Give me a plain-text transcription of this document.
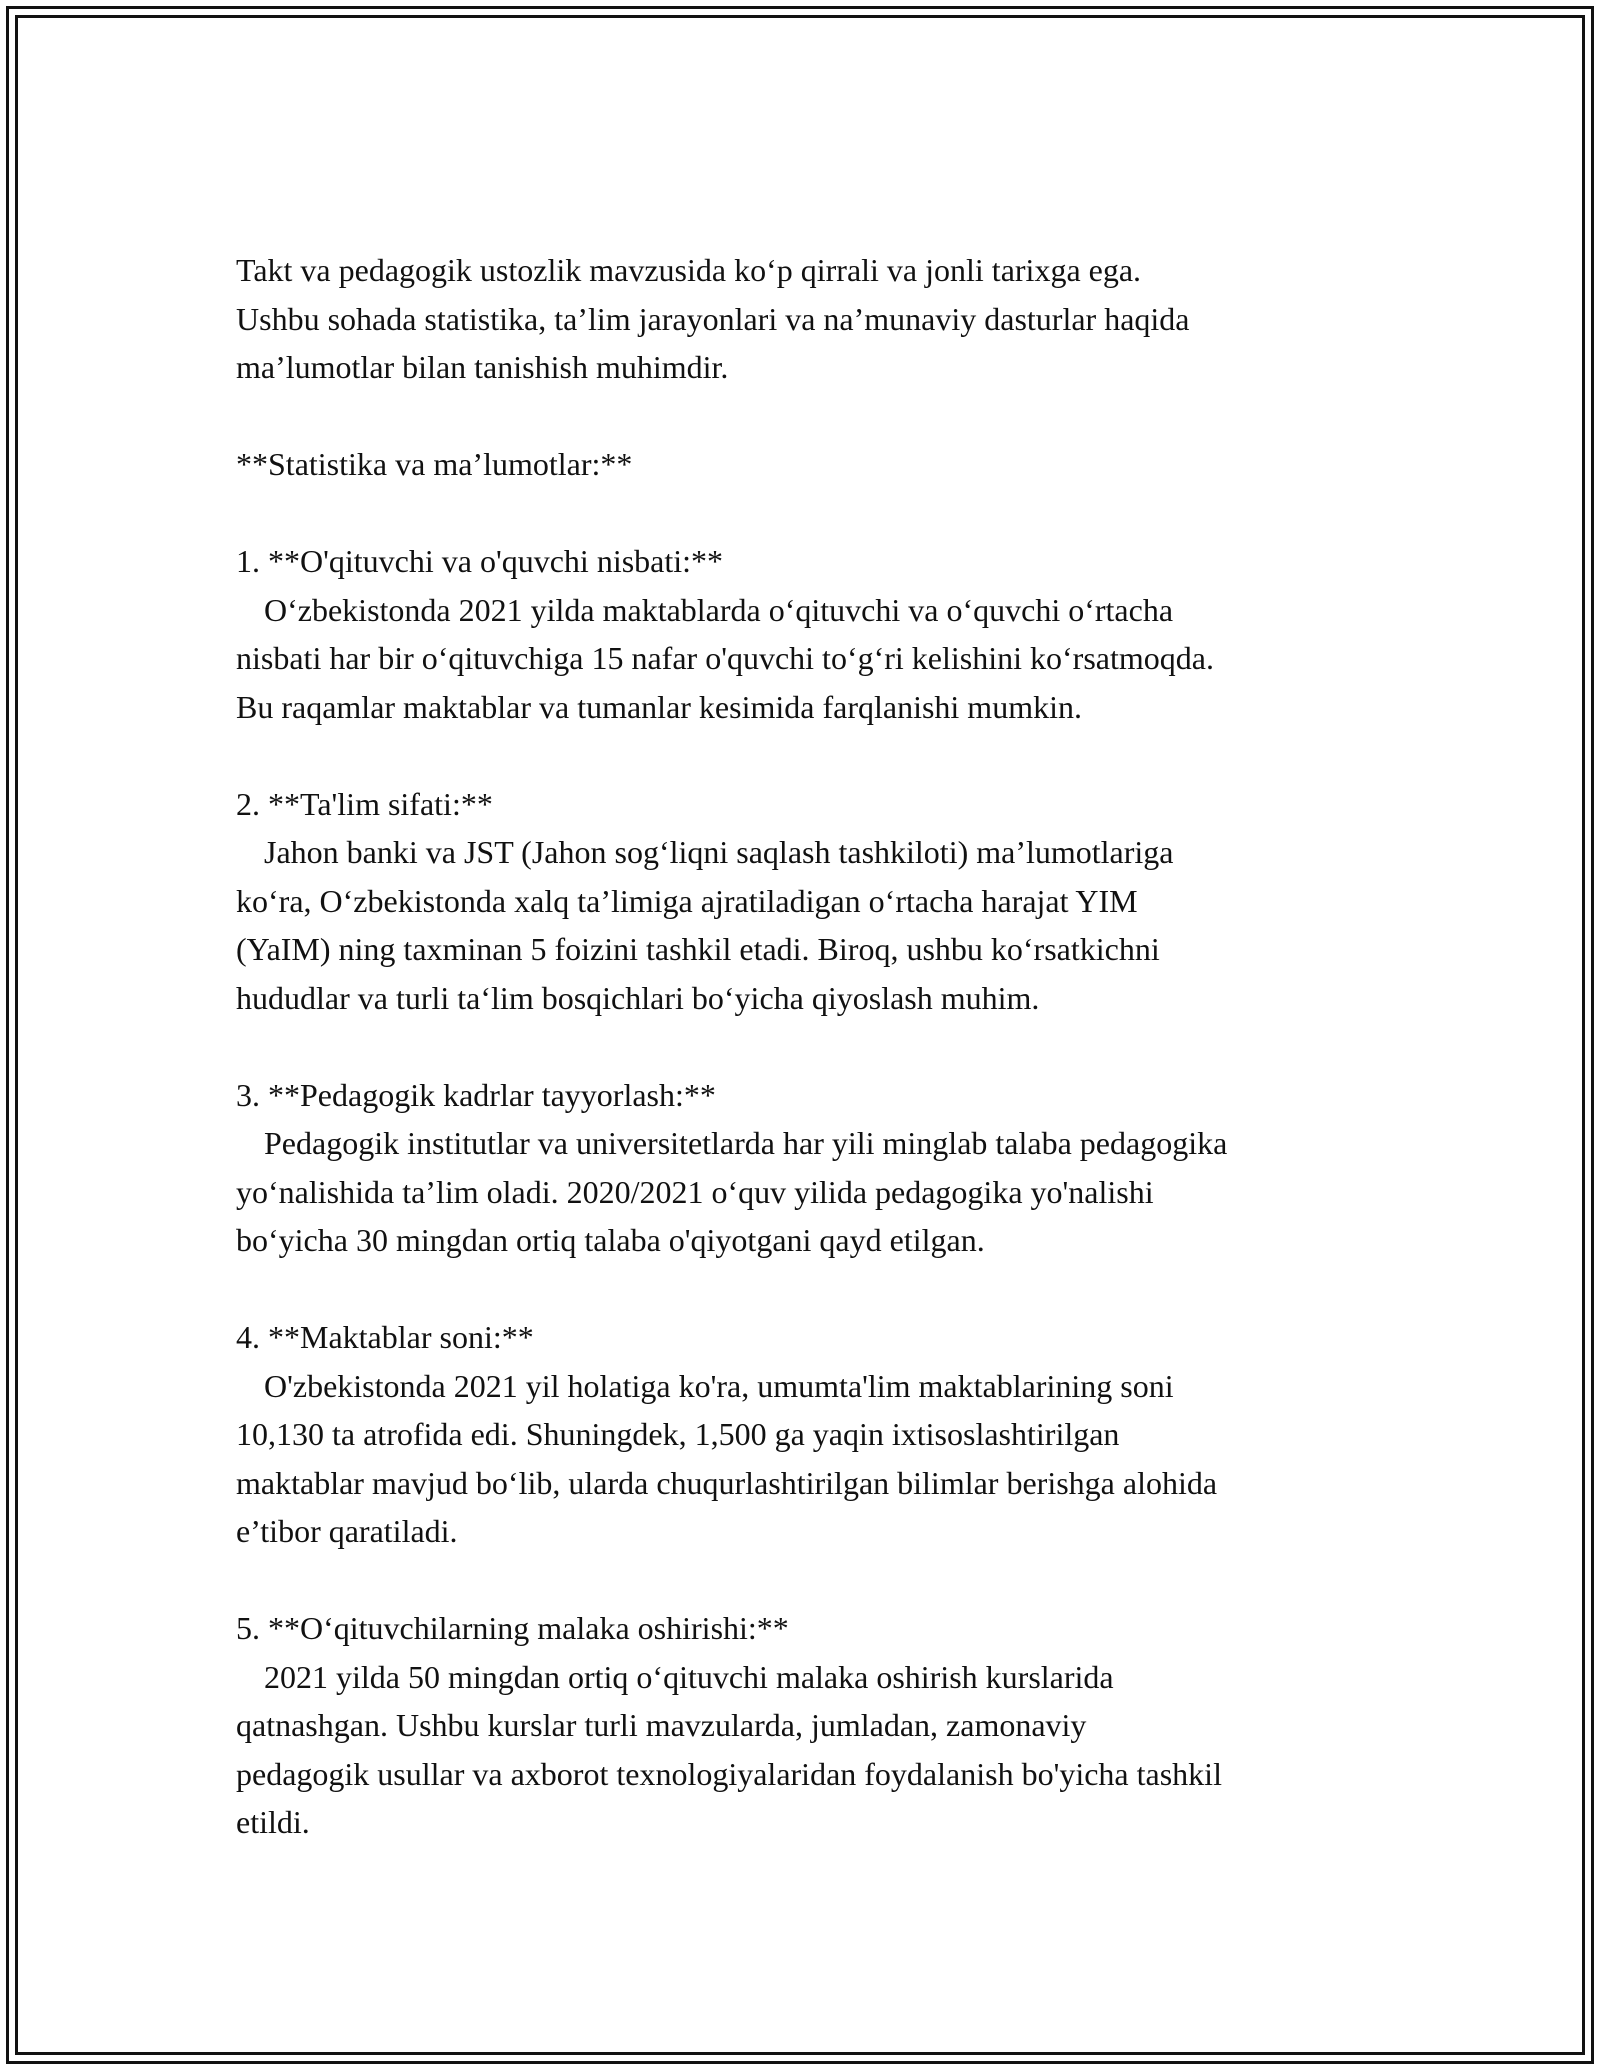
Takt va pedagogik ustozlik mavzusida koʻp qirrali va jonli tarixga ega.

Ushbu sohada statistika, ta’lim jarayonlari va na’munaviy dasturlar haqida

ma’lumotlar bilan tanishish muhimdir.

**Statistika va ma’lumotlar:**

1. **O'qituvchi va o'quvchi nisbati:**

Oʻzbekistonda 2021 yilda maktablarda oʻqituvchi va oʻquvchi oʻrtacha

nisbati har bir oʻqituvchiga 15 nafar o'quvchi toʻgʻri kelishini koʻrsatmoqda.

Bu raqamlar maktablar va tumanlar kesimida farqlanishi mumkin.

2. **Ta'lim sifati:**

Jahon banki va JST (Jahon sogʻliqni saqlash tashkiloti) ma’lumotlariga

koʻra, Oʻzbekistonda xalq ta’limiga ajratiladigan oʻrtacha harajat YIM

(YaIM) ning taxminan 5 foizini tashkil etadi. Biroq, ushbu koʻrsatkichni

hududlar va turli taʻlim bosqichlari boʻyicha qiyoslash muhim.

3. **Pedagogik kadrlar tayyorlash:**

Pedagogik institutlar va universitetlarda har yili minglab talaba pedagogika

yoʻnalishida ta’lim oladi. 2020/2021 oʻquv yilida pedagogika yo'nalishi

boʻyicha 30 mingdan ortiq talaba o'qiyotgani qayd etilgan.

4. **Maktablar soni:**

O'zbekistonda 2021 yil holatiga ko'ra, umumta'lim maktablarining soni

10,130 ta atrofida edi. Shuningdek, 1,500 ga yaqin ixtisoslashtirilgan

maktablar mavjud boʻlib, ularda chuqurlashtirilgan bilimlar berishga alohida

e’tibor qaratiladi.

5. **Oʻqituvchilarning malaka oshirishi:**

2021 yilda 50 mingdan ortiq oʻqituvchi malaka oshirish kurslarida

qatnashgan. Ushbu kurslar turli mavzularda, jumladan, zamonaviy

pedagogik usullar va axborot texnologiyalaridan foydalanish bo'yicha tashkil

etildi.
